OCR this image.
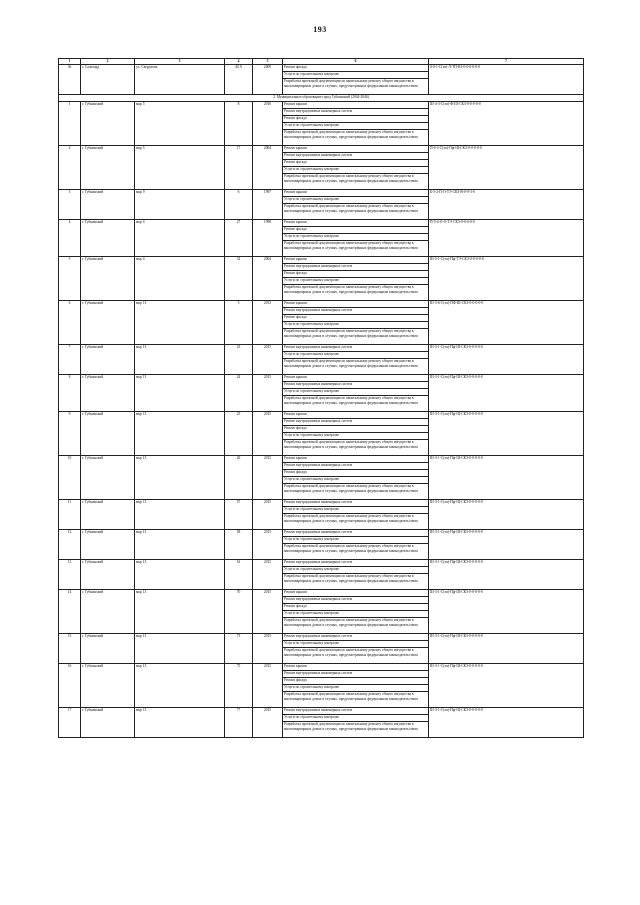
193
1	2	3	4	5	6	7
36	г. Салехард	ул. Свердлова	40 А	2009	Ремонт фасада	0-0-1-С(эп)-Л-ТП-КЗ-0-0-0-0-0-0
					Услуги по строительному контролю	
					Разработка проектной документации по капитальному ремонту общего имущества в многоквартирных домах в случаях, предусмотренных федеральным законодательством	
2. Муниципальное образование город Губкинский (2044-2046)						
1	г. Губкинский	мкр 5	8	2016	Ремонт крыши	Ш-4-3-С(эп)-Ф-Ш-СКЗ-0-0-0-0-0
					Ремонт внутридомовых инженерных систем	
					Ремонт фасада	
					Услуги по строительному контролю	
					Разработка проектной документации по капитальному ремонту общего имущества в многоквартирных домах в случаях, предусмотренных федеральным законодательством	
2	г. Губкинский	мкр 5	17	2004	Ремонт крыши	П-6-3-С(эп)-Пф-Ш-СКЗ-0-0-0-0-0
					Ремонт внутридомовых инженерных систем	
					Ремонт фасада	
					Услуги по строительному контролю	
					Разработка проектной документации по капитальному ремонту общего имущества в многоквартирных домах в случаях, предусмотренных федеральным законодательством	
3	г. Губкинский	мкр 9	6	1997	Ремонт крыши	Б-5-2-П-О-ТЭ-СКЗ-В-0-0-3-0
					Услуги по строительному контролю	
					Разработка проектной документации по капитальному ремонту общего имущества в многоквартирных домах в случаях, предусмотренных федеральным законодательством	
4	г. Губкинский	мкр 4	27	1998	Ремонт крыши	П-5-4-О-О-ТЭ-СКЗ-0-0-0-0-0
					Ремонт фасада	
					Услуги по строительному контролю	
					Разработка проектной документации по капитальному ремонту общего имущества в многоквартирных домах в случаях, предусмотренных федеральным законодательством	
5	г. Губкинский	мкр 4	32	2004	Ремонт крыши	Ш-5-1-С(эп)-Пф-ТЭ-СКЗ-0-0-0-0-0
					Ремонт внутридомовых инженерных систем	
					Ремонт фасада	
					Услуги по строительному контролю	
					Разработка проектной документации по капитальному ремонту общего имущества в многоквартирных домах в случаях, предусмотренных федеральным законодательством	
6	г. Губкинский	мкр 13	5	2013	Ремонт крыши	Ш-3-6-С(эп)-ПФ-Ш-СКЗ-0-0-0-0-0
					Ремонт внутридомовых инженерных систем	
					Ремонт фасада	
					Услуги по строительному контролю	
					Разработка проектной документации по капитальному ремонту общего имущества в многоквартирных домах в случаях, предусмотренных федеральным законодательством	
7	г. Губкинский	мкр 13	23	2015	Ремонт внутридомовых инженерных систем	Ш-3-1-С(эп)-Пф-Ш-СКЗ-0-0-0-0-0
					Услуги по строительному контролю	
					Разработка проектной документации по капитальному ремонту общего имущества в многоквартирных домах в случаях, предусмотренных федеральным законодательством	
8	г. Губкинский	мкр 13	24	2015	Ремонт крыши	Ш-3-1-С(эп)-Пф-Ш-СКЗ-0-0-0-0-0
					Ремонт внутридомовых инженерных систем	
					Услуги по строительному контролю	
					Разработка проектной документации по капитальному ремонту общего имущества в многоквартирных домах в случаях, предусмотренных федеральным законодательством	
9	г. Губкинский	мкр 13	25	2015	Ремонт крыши	Ш-3-1-С(эп)-Пф-Ш-СКЗ-0-0-0-0-0
					Ремонт внутридомовых инженерных систем	
					Ремонт фасада	
					Услуги по строительному контролю	
					Разработка проектной документации по капитальному ремонту общего имущества в многоквартирных домах в случаях, предусмотренных федеральным законодательством	
10	г. Губкинский	мкр 13	26	2015	Ремонт крыши	Ш-3-1-С(эп)-Пф-Ш-СКЗ-0-0-0-0-0
					Ремонт внутридомовых инженерных систем	
					Ремонт фасада	
					Услуги по строительному контролю	
					Разработка проектной документации по капитальному ремонту общего имущества в многоквартирных домах в случаях, предусмотренных федеральным законодательством	
11	г. Губкинский	мкр 13	57	2015	Ремонт внутридомовых инженерных систем	Ш-3-1-С(эп)-Пф-Ш-СКЗ-0-0-0-0-0
					Услуги по строительному контролю	
					Разработка проектной документации по капитальному ремонту общего имущества в многоквартирных домах в случаях, предусмотренных федеральным законодательством	
12	г. Губкинский	мкр 13	58	2015	Ремонт внутридомовых инженерных систем	Ш-3-1-С(эп)-Пф-Ш-СКЗ-0-0-0-0-0
					Услуги по строительному контролю	
					Разработка проектной документации по капитальному ремонту общего имущества в многоквартирных домах в случаях, предусмотренных федеральным законодательством	
13	г. Губкинский	мкр 13	61	2015	Ремонт внутридомовых инженерных систем	Ш-3-1-С(эп)-Пф-Ш-СКЗ-0-0-0-0-0
					Услуги по строительному контролю	
					Разработка проектной документации по капитальному ремонту общего имущества в многоквартирных домах в случаях, предусмотренных федеральным законодательством	
14	г. Губкинский	мкр 13	70	2015	Ремонт крыши	Ш-3-1-С(эп)-Пф-Ш-СКЗ-0-0-0-0-0
					Ремонт внутридомовых инженерных систем	
					Ремонт фасада	
					Услуги по строительному контролю	
					Разработка проектной документации по капитальному ремонту общего имущества в многоквартирных домах в случаях, предусмотренных федеральным законодательством	
15	г. Губкинский	мкр 13	73	2015	Ремонт внутридомовых инженерных систем	Ш-3-1-С(эп)-Пф-Ш-СКЗ-0-0-0-0-0
					Услуги по строительному контролю	
					Разработка проектной документации по капитальному ремонту общего имущества в многоквартирных домах в случаях, предусмотренных федеральным законодательством	
16	г. Губкинский	мкр 13	75	2015	Ремонт крыши	Ш-3-1-С(эп)-Пф-Ш-СКЗ-0-0-0-0-0
					Ремонт внутридомовых инженерных систем	
					Ремонт фасада	
					Услуги по строительному контролю	
					Разработка проектной документации по капитальному ремонту общего имущества в многоквартирных домах в случаях, предусмотренных федеральным законодательством	
17	г. Губкинский	мкр 13	77	2015	Ремонт внутридомовых инженерных систем	Ш-3-1-С(эп)-Пф-Ш-СКЗ-0-0-0-0-0
					Услуги по строительному контролю	
					Разработка проектной документации по капитальному ремонту общего имущества в многоквартирных домах в случаях, предусмотренных федеральным законодательством	
